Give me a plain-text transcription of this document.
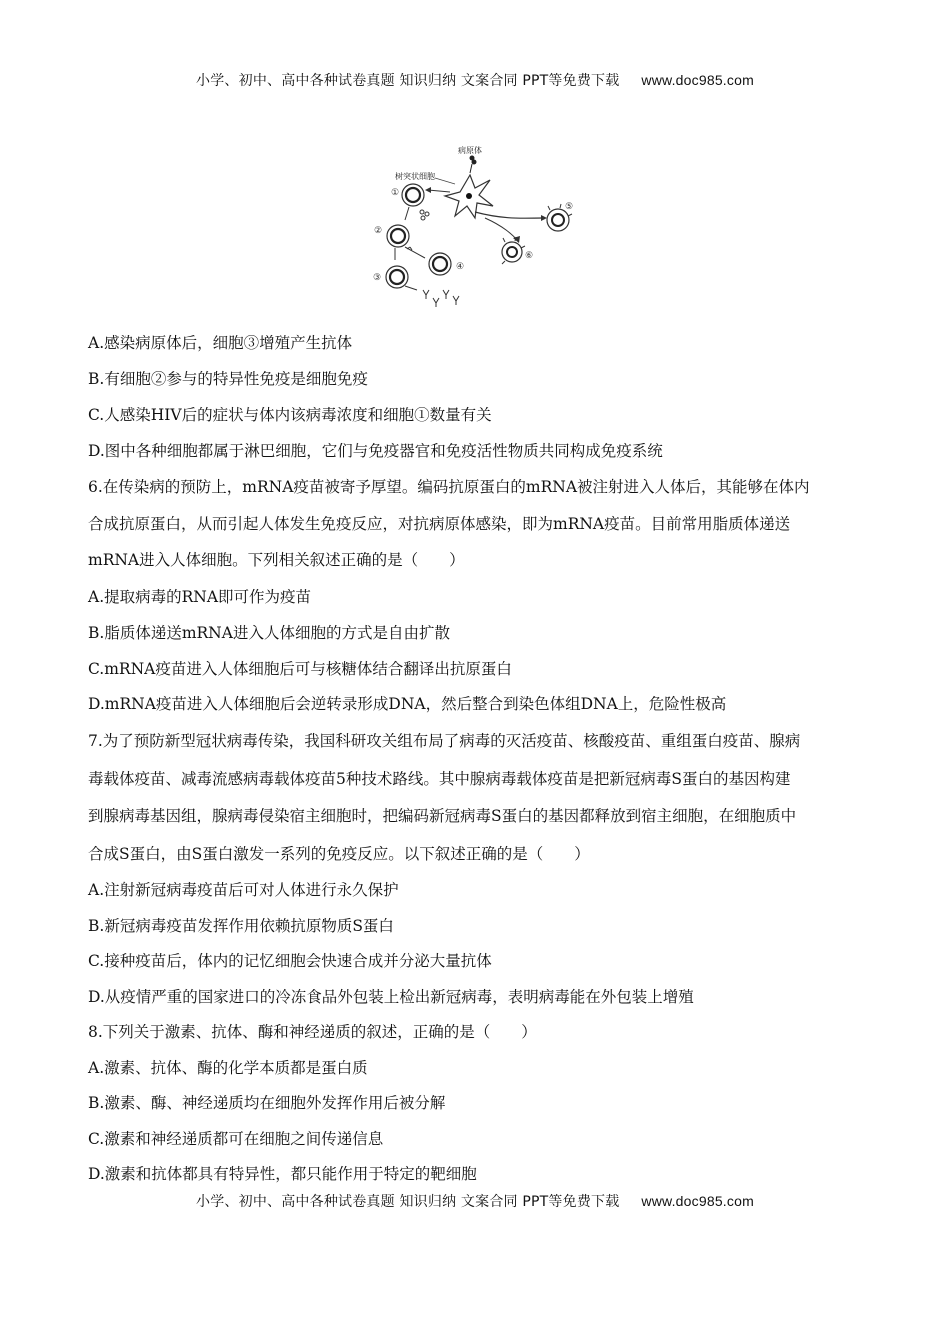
小学、初中、高中各种试卷真题 知识归纳 文案合同 PPT等免费下载 www.doc985.com
病原体
树突状细胞
①
②
③
④
⑤
⑥
A.感染病原体后，细胞③增殖产生抗体
B.有细胞②参与的特异性免疫是细胞免疫
C.人感染HIV后的症状与体内该病毒浓度和细胞①数量有关
D.图中各种细胞都属于淋巴细胞，它们与免疫器官和免疫活性物质共同构成免疫系统
6.在传染病的预防上，mRNA疫苗被寄予厚望。编码抗原蛋白的mRNA被注射进入人体后，其能够在体内
合成抗原蛋白，从而引起人体发生免疫反应，对抗病原体感染，即为mRNA疫苗。目前常用脂质体递送
mRNA进入人体细胞。下列相关叙述正确的是（　　）
A.提取病毒的RNA即可作为疫苗
B.脂质体递送mRNA进入人体细胞的方式是自由扩散
C.mRNA疫苗进入人体细胞后可与核糖体结合翻译出抗原蛋白
D.mRNA疫苗进入人体细胞后会逆转录形成DNA，然后整合到染色体组DNA上，危险性极高
7.为了预防新型冠状病毒传染，我国科研攻关组布局了病毒的灭活疫苗、核酸疫苗、重组蛋白疫苗、腺病
毒载体疫苗、减毒流感病毒载体疫苗5种技术路线。其中腺病毒载体疫苗是把新冠病毒S蛋白的基因构建
到腺病毒基因组，腺病毒侵染宿主细胞时，把编码新冠病毒S蛋白的基因都释放到宿主细胞，在细胞质中
合成S蛋白，由S蛋白激发一系列的免疫反应。以下叙述正确的是（　　）
A.注射新冠病毒疫苗后可对人体进行永久保护
B.新冠病毒疫苗发挥作用依赖抗原物质S蛋白
C.接种疫苗后，体内的记忆细胞会快速合成并分泌大量抗体
D.从疫情严重的国家进口的冷冻食品外包装上检出新冠病毒，表明病毒能在外包装上增殖
8.下列关于激素、抗体、酶和神经递质的叙述，正确的是（　　）
A.激素、抗体、酶的化学本质都是蛋白质
B.激素、酶、神经递质均在细胞外发挥作用后被分解
C.激素和神经递质都可在细胞之间传递信息
D.激素和抗体都具有特异性，都只能作用于特定的靶细胞
小学、初中、高中各种试卷真题 知识归纳 文案合同 PPT等免费下载 www.doc985.com
